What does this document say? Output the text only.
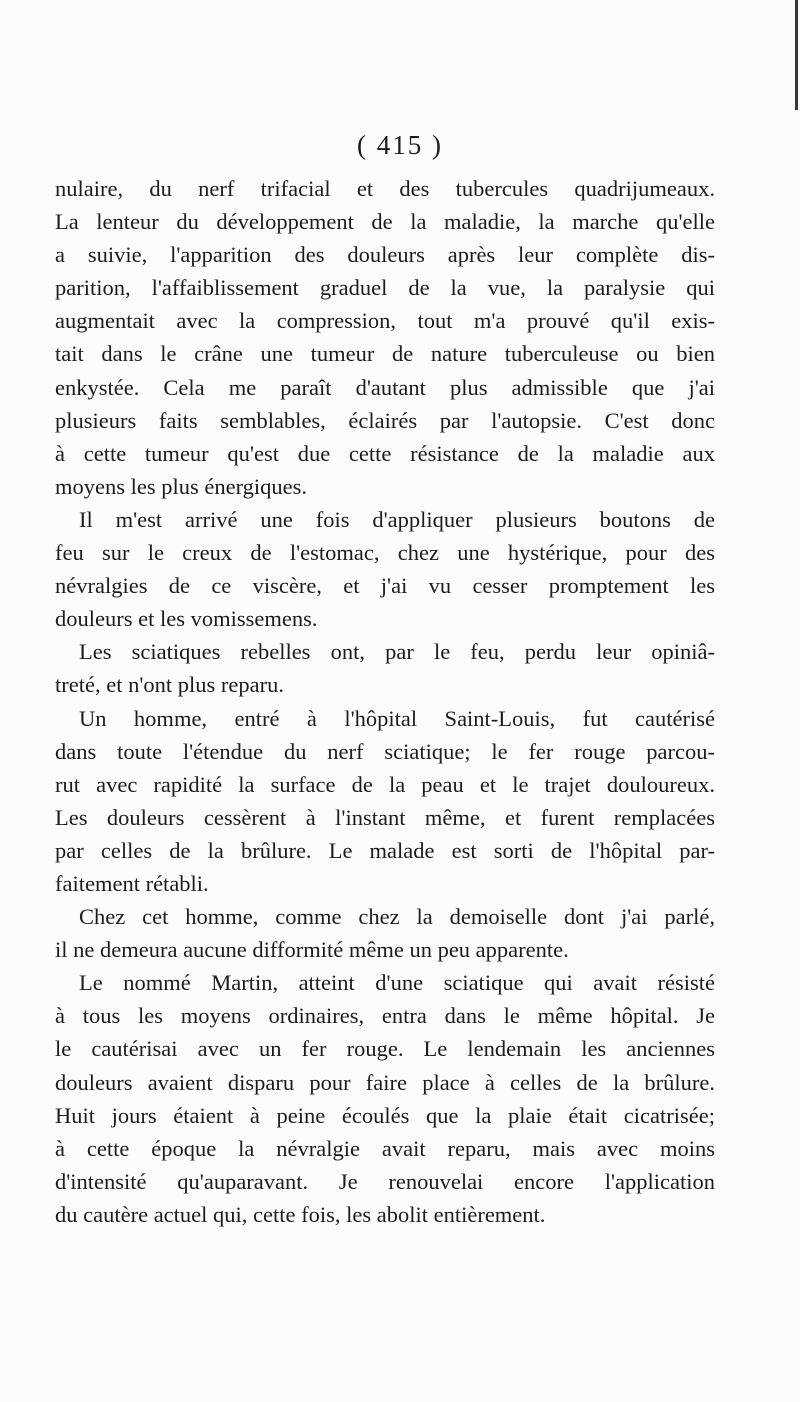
( 415 )
nulaire, du nerf trifacial et des tubercules quadrijumeaux.
La lenteur du développement de la maladie, la marche qu'elle
a suivie, l'apparition des douleurs après leur complète dis-
parition, l'affaiblissement graduel de la vue, la paralysie qui
augmentait avec la compression, tout m'a prouvé qu'il exis-
tait dans le crâne une tumeur de nature tuberculeuse ou bien
enkystée. Cela me paraît d'autant plus admissible que j'ai
plusieurs faits semblables, éclairés par l'autopsie. C'est donc
à cette tumeur qu'est due cette résistance de la maladie aux
moyens les plus énergiques.
Il m'est arrivé une fois d'appliquer plusieurs boutons de
feu sur le creux de l'estomac, chez une hystérique, pour des
névralgies de ce viscère, et j'ai vu cesser promptement les
douleurs et les vomissemens.
Les sciatiques rebelles ont, par le feu, perdu leur opiniâ-
treté, et n'ont plus reparu.
Un homme, entré à l'hôpital Saint-Louis, fut cautérisé
dans toute l'étendue du nerf sciatique; le fer rouge parcou-
rut avec rapidité la surface de la peau et le trajet douloureux.
Les douleurs cessèrent à l'instant même, et furent remplacées
par celles de la brûlure. Le malade est sorti de l'hôpital par-
faitement rétabli.
Chez cet homme, comme chez la demoiselle dont j'ai parlé,
il ne demeura aucune difformité même un peu apparente.
Le nommé Martin, atteint d'une sciatique qui avait résisté
à tous les moyens ordinaires, entra dans le même hôpital. Je
le cautérisai avec un fer rouge. Le lendemain les anciennes
douleurs avaient disparu pour faire place à celles de la brûlure.
Huit jours étaient à peine écoulés que la plaie était cicatrisée;
à cette époque la névralgie avait reparu, mais avec moins
d'intensité qu'auparavant. Je renouvelai encore l'application
du cautère actuel qui, cette fois, les abolit entièrement.
